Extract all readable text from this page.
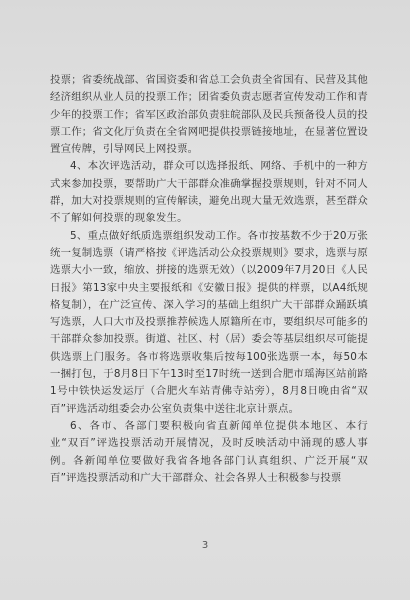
投票；省委统战部、省国资委和省总工会负责全省国有、民营及其他经济组织从业人员的投票工作；团省委负责志愿者宣传发动工作和青少年的投票工作；省军区政治部负责驻皖部队及民兵预备役人员的投票工作；省文化厅负责在全省网吧提供投票链接地址，在显著位置设置宣传牌，引导网民上网投票。

4、本次评选活动，群众可以选择报纸、网络、手机中的一种方式来参加投票，要帮助广大干部群众准确掌握投票规则，针对不同人群，加大对投票规则的宣传解读，避免出现大量无效选票，甚至群众不了解如何投票的现象发生。

5、重点做好纸质选票组织发动工作。各市按基数不少于20万张统一复制选票（请严格按《评选活动公众投票规则》要求，选票与原选票大小一致，缩放、拼接的选票无效）（以2009年7月20日《人民日报》第13家中央主要报纸和《安徽日报》提供的样票，以A4纸规格复制），在广泛宣传、深入学习的基础上组织广大干部群众踊跃填写选票，人口大市及投票推荐候选人原籍所在市，要组织尽可能多的干部群众参加投票。街道、社区、村（居）委会等基层组织尽可能提供选票上门服务。各市将选票收集后按每100张选票一本，每50本一捆打包，于8月8日下午13时至17时统一送到合肥市瑶海区站前路1号中铁快运发运厅（合肥火车站青佛寺站旁），8月8日晚由省“双百”评选活动组委会办公室负责集中送往北京计票点。

6、各市、各部门要积极向省直新闻单位提供本地区、本行业“双百”评选投票活动开展情况，及时反映活动中涌现的感人事例。各新闻单位要做好我省各地各部门认真组织、广泛开展“双百”评选投票活动和广大干部群众、社会各界人士积极参与投票

3
